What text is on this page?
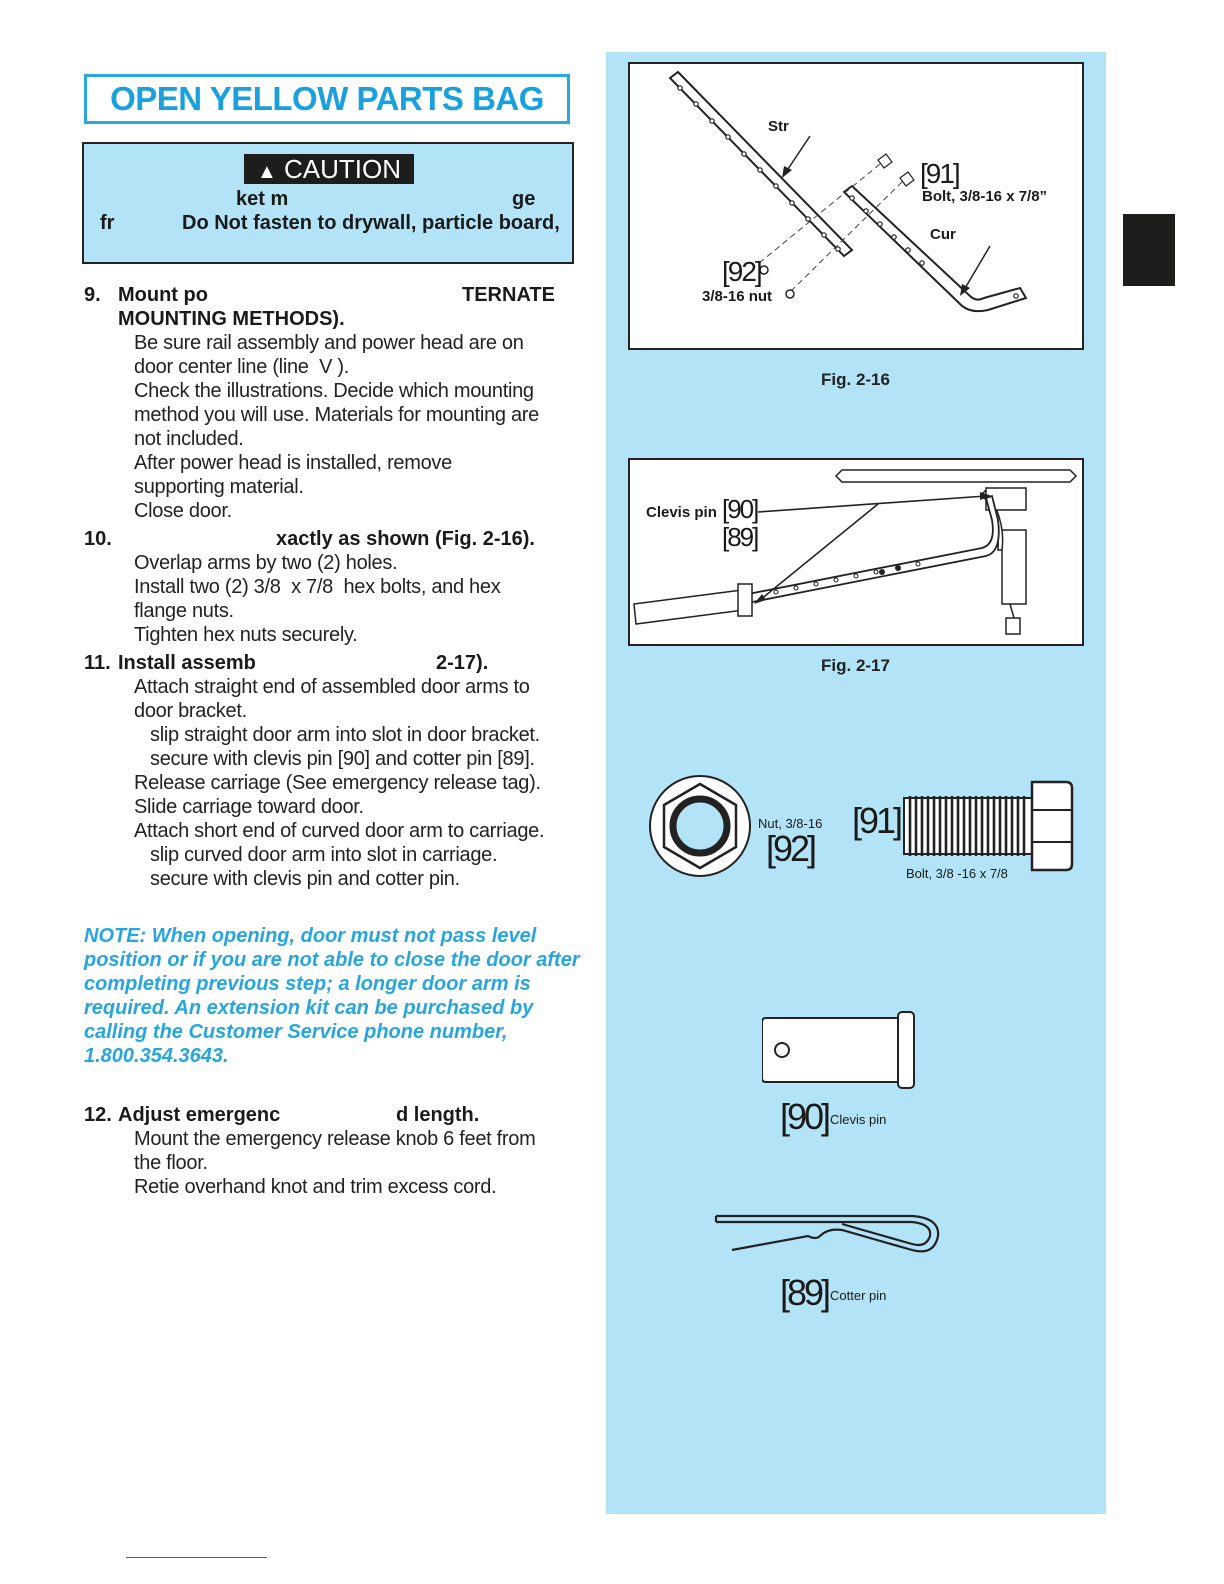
OPEN YELLOW PARTS BAG
▲ CAUTION
ket m	ge
fr	Do Not fasten to drywall, particle board,
9. Mount po	TERNATE
MOUNTING METHODS).
Be sure rail assembly and power head are on
door center line (line  V ).
Check the illustrations. Decide which mounting
method you will use. Materials for mounting are
not included.
After power head is installed, remove
supporting material.
Close door.
10.	xactly as shown (Fig. 2-16).
Overlap arms by two (2) holes.
Install two (2) 3/8  x 7/8  hex bolts, and hex
flange nuts.
Tighten hex nuts securely.
11. Install assemb	2-17).
Attach straight end of assembled door arms to
door bracket.
slip straight door arm into slot in door bracket.
secure with clevis pin [90] and cotter pin [89].
Release carriage (See emergency release tag).
Slide carriage toward door.
Attach short end of curved door arm to carriage.
slip curved door arm into slot in carriage.
secure with clevis pin and cotter pin.

NOTE: When opening, door must not pass level

position or if you are not able to close the door after

completing previous step; a longer door arm is

required. An extension kit can be purchased by

calling the Customer Service phone number,

1.800.354.3643.

12. Adjust emergenc	d length.
Mount the emergency release knob 6 feet from
the floor.
Retie overhand knot and trim excess cord.
Str
Cur
[91]
Bolt, 3/8-16 x 7/8”
[92]
3/8-16 nut
Fig. 2-16
Clevis pin [90]
[89]
Fig. 2-17
Nut, 3/8-16
[92]
[91]
Bolt, 3/8 -16 x 7/8
[90] Clevis pin
[89] Cotter pin
